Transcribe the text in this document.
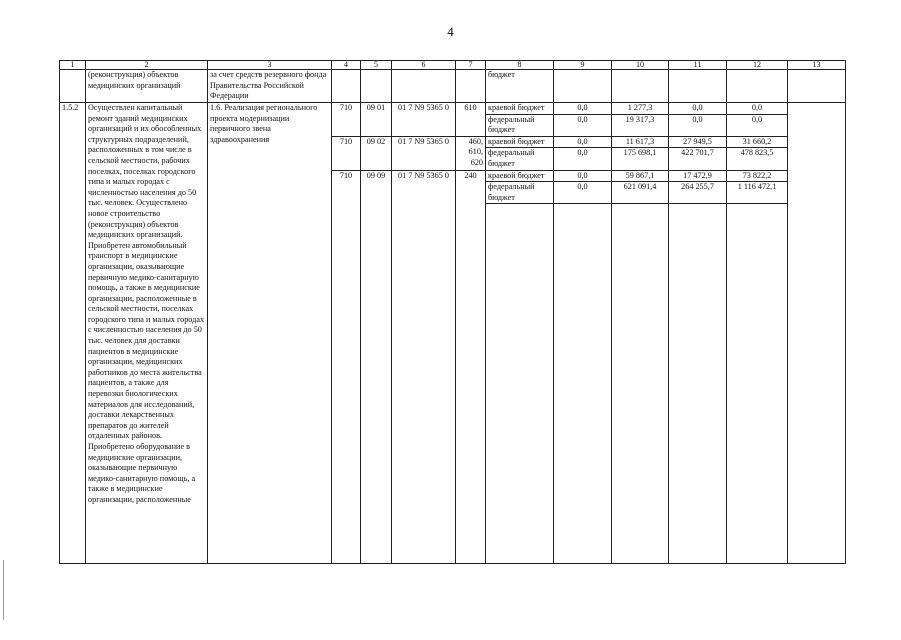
4
1	2	3	4	5	6	7	8	9	10	11	12	13
	(реконструкция) объектов медицинских организаций	за счет средств резервного фонда Правительства Российской Федерации					бюджет					
1.5.2	Осуществлен капитальный ремонт зданий медицинских организаций и их обособленных структурных подразделений, расположенных в том числе в сельской местности, рабочих поселках, поселках городского типа и малых городах с численностью населения до 50 тыс. человек. Осуществлено новое строительство (реконструкция) объектов медицинских организаций. Приобретен автомобильный транспорт в медицинские организации, оказывающие первичную медико-санитарную помощь, а также в медицинские организации, расположенные в сельской местности, поселках городского типа и малых городах с численностью населения до 50 тыс. человек для доставки пациентов в медицинские организации, медицинских работников до места жительства пациентов, а также для перевозки биологических материалов для исследований, доставки лекарственных препаратов до жителей отдаленных районов. Приобретено оборудование в медицинские организации, оказывающие первичную медико-санитарную помощь, а также в медицинские организации, расположенные	1.6. Реализация регионального проекта модернизации первичного звена здравоохранения	710	09 01	01 7 N9 5365 0	610	краевой бюджет	0,0	1 277,3	0,0	0,0	
							федеральный бюджет	0,0	19 317,3	0,0	0,0	
			710	09 02	01 7 N9 5365 0	460, 610, 620	краевой бюджет	0,0	11 617,3	27 949,5	31 660,2	
							федеральный бюджет	0,0	175 698,1	422 701,7	478 823,5	
			710	09 09	01 7 N9 5365 0	240	краевой бюджет	0,0	59 867,1	17 472,9	73 822,2	
							федеральный бюджет	0,0	621 091,4	264 255,7	1 116 472,1	
